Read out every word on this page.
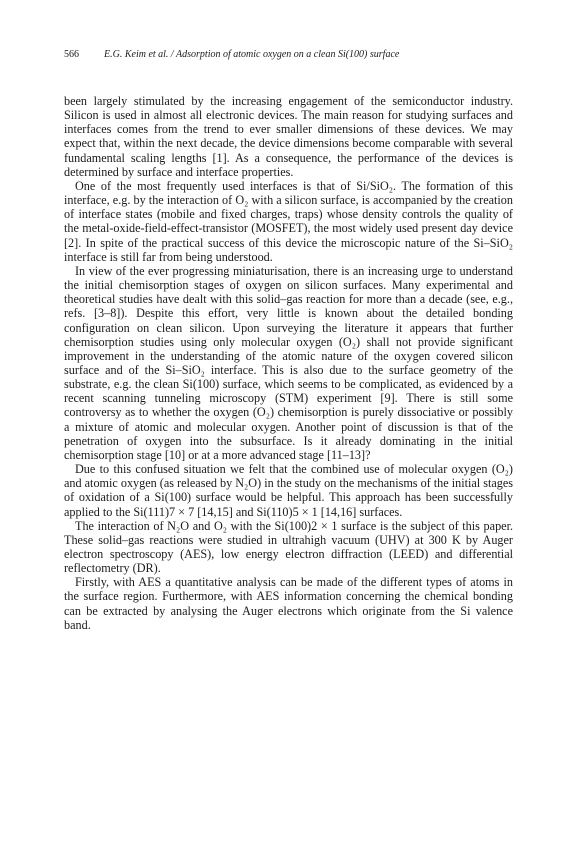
566	E.G. Keim et al. / Adsorption of atomic oxygen on a clean Si(100) surface

been largely stimulated by the increasing engagement of the semiconductor industry. Silicon is used in almost all electronic devices. The main reason for studying surfaces and interfaces comes from the trend to ever smaller dimensions of these devices. We may expect that, within the next decade, the device dimensions become comparable with several fundamental scaling lengths [1]. As a consequence, the performance of the devices is determined by surface and interface properties.

One of the most frequently used interfaces is that of Si/SiO₂. The formation of this interface, e.g. by the interaction of O₂ with a silicon surface, is accompanied by the creation of interface states (mobile and fixed charges, traps) whose density controls the quality of the metal-oxide-field-effect-transistor (MOSFET), the most widely used present day device [2]. In spite of the practical success of this device the microscopic nature of the Si–SiO₂ interface is still far from being understood.

In view of the ever progressing miniaturisation, there is an increasing urge to understand the initial chemisorption stages of oxygen on silicon surfaces. Many experimental and theoretical studies have dealt with this solid–gas reaction for more than a decade (see, e.g., refs. [3–8]). Despite this effort, very little is known about the detailed bonding configuration on clean silicon. Upon surveying the literature it appears that further chemisorption studies using only molecular oxygen (O₂) shall not provide significant improvement in the understanding of the atomic nature of the oxygen covered silicon surface and of the Si–SiO₂ interface. This is also due to the surface geometry of the substrate, e.g. the clean Si(100) surface, which seems to be complicated, as evidenced by a recent scanning tunneling microscopy (STM) experiment [9]. There is still some controversy as to whether the oxygen (O₂) chemisorption is purely dissociative or possibly a mixture of atomic and molecular oxygen. Another point of discussion is that of the penetration of oxygen into the subsurface. Is it already dominating in the initial chemisorption stage [10] or at a more advanced stage [11–13]?

Due to this confused situation we felt that the combined use of molecular oxygen (O₂) and atomic oxygen (as released by N₂O) in the study on the mechanisms of the initial stages of oxidation of a Si(100) surface would be helpful. This approach has been successfully applied to the Si(111)7 × 7 [14,15] and Si(110)5 × 1 [14,16] surfaces.

The interaction of N₂O and O₂ with the Si(100)2 × 1 surface is the subject of this paper. These solid–gas reactions were studied in ultrahigh vacuum (UHV) at 300 K by Auger electron spectroscopy (AES), low energy electron diffraction (LEED) and differential reflectometry (DR).

Firstly, with AES a quantitative analysis can be made of the different types of atoms in the surface region. Furthermore, with AES information concerning the chemical bonding can be extracted by analysing the Auger electrons which originate from the Si valence band.
